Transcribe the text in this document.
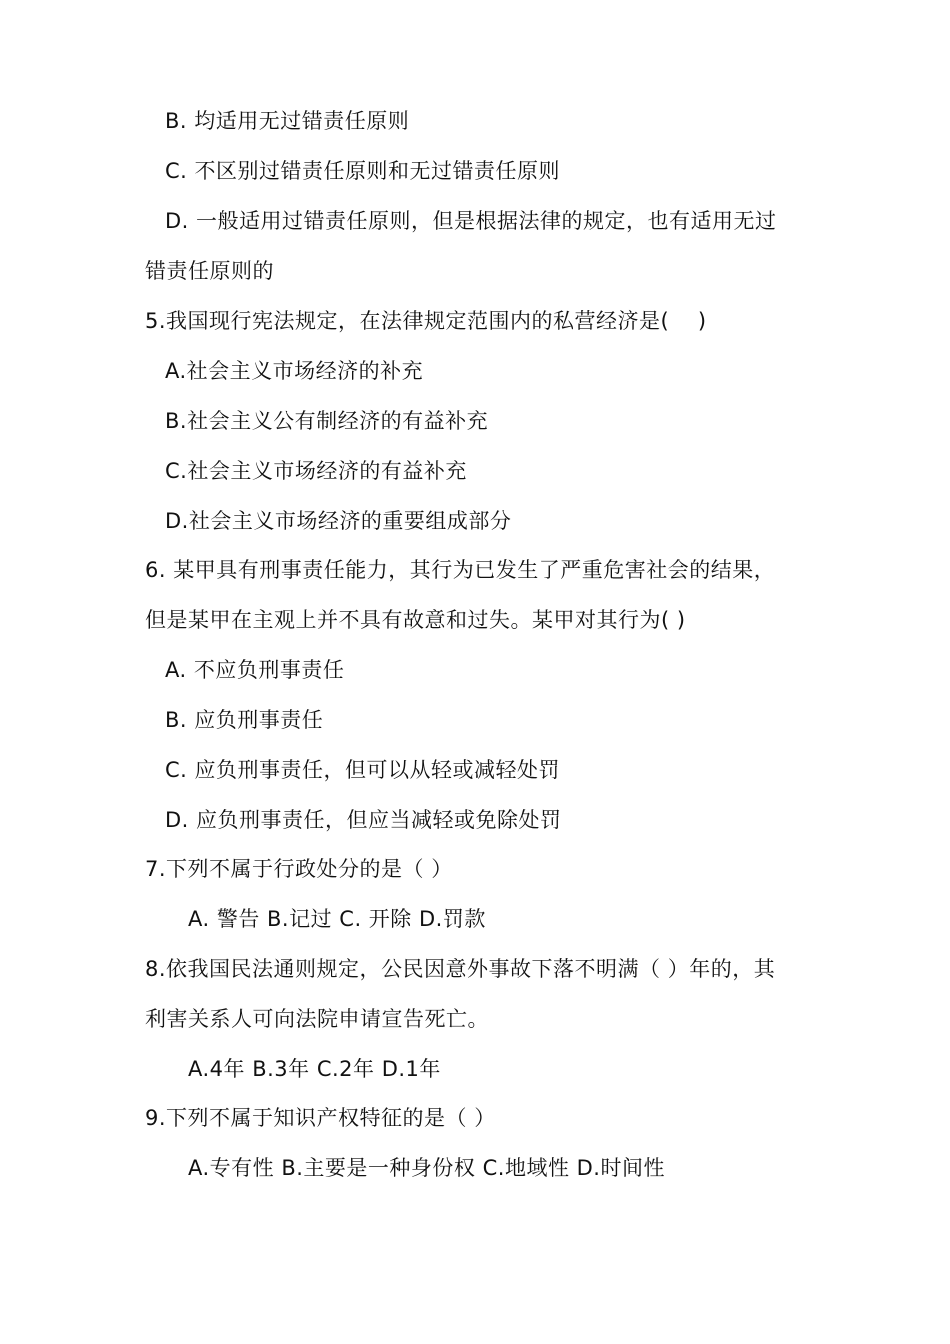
B. 均适用无过错责任原则
C. 不区别过错责任原则和无过错责任原则
D. 一般适用过错责任原则，但是根据法律的规定，也有适用无过
错责任原则的
5.我国现行宪法规定，在法律规定范围内的私营经济是(    )
A.社会主义市场经济的补充
B.社会主义公有制经济的有益补充
C.社会主义市场经济的有益补充
D.社会主义市场经济的重要组成部分
6. 某甲具有刑事责任能力，其行为已发生了严重危害社会的结果，
但是某甲在主观上并不具有故意和过失。某甲对其行为( )
A. 不应负刑事责任
B. 应负刑事责任
C. 应负刑事责任，但可以从轻或减轻处罚
D. 应负刑事责任，但应当减轻或免除处罚
7.下列不属于行政处分的是（ ）
A. 警告 B.记过 C. 开除 D.罚款
8.依我国民法通则规定，公民因意外事故下落不明满（ ）年的，其
利害关系人可向法院申请宣告死亡。
A.4年 B.3年 C.2年 D.1年
9.下列不属于知识产权特征的是（ ）
A.专有性 B.主要是一种身份权 C.地域性 D.时间性
